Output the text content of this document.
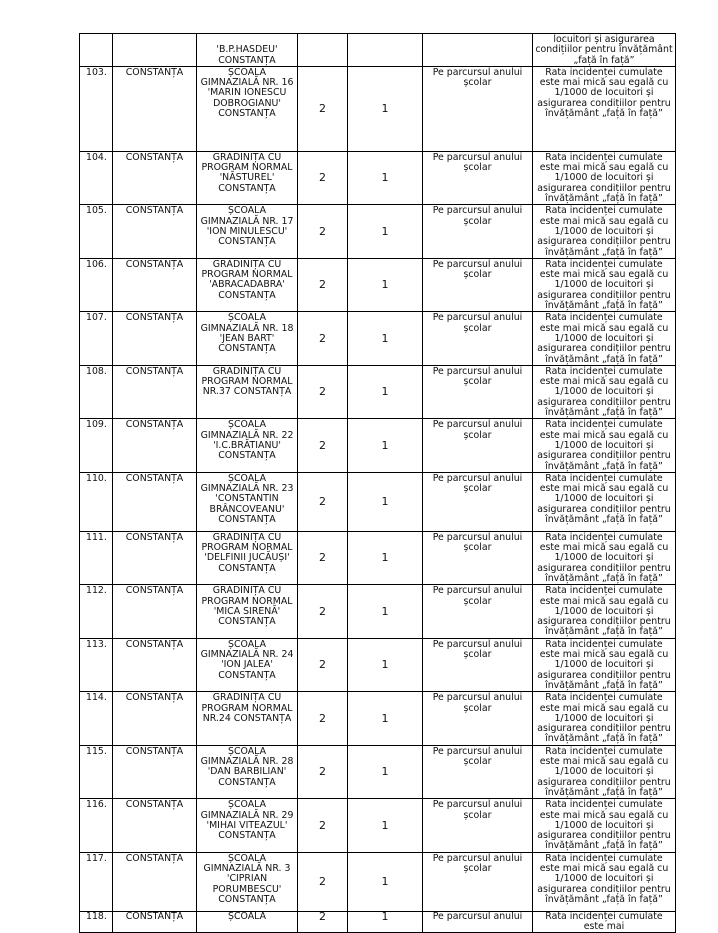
		'B.P.HASDEU' CONSTANȚA				locuitori și asigurarea condițiilor pentru învățământ „față în față”
103.	CONSTANȚA	ȘCOALA GIMNAZIALĂ NR. 16 'MARIN IONESCU DOBROGIANU' CONSTANȚA	2	1	Pe parcursul anului școlar	Rata incidenței cumulate este mai mică sau egală cu 1/1000 de locuitori și asigurarea condițiilor pentru învățământ „față în față”
104.	CONSTANȚA	GRĂDINIȚA CU PROGRAM NORMAL 'NĂSTUREL' CONSTANȚA	2	1	Pe parcursul anului școlar	Rata incidenței cumulate este mai mică sau egală cu 1/1000 de locuitori și asigurarea condițiilor pentru învățământ „față în față”
105.	CONSTANȚA	ȘCOALA GIMNAZIALĂ NR. 17 'ION MINULESCU' CONSTANȚA	2	1	Pe parcursul anului școlar	Rata incidenței cumulate este mai mică sau egală cu 1/1000 de locuitori și asigurarea condițiilor pentru învățământ „față în față”
106.	CONSTANȚA	GRĂDINIȚA CU PROGRAM NORMAL 'ABRACADABRA' CONSTANȚA	2	1	Pe parcursul anului școlar	Rata incidenței cumulate este mai mică sau egală cu 1/1000 de locuitori și asigurarea condițiilor pentru învățământ „față în față”
107.	CONSTANȚA	ȘCOALA GIMNAZIALĂ NR. 18 'JEAN BART' CONSTANȚA	2	1	Pe parcursul anului școlar	Rata incidenței cumulate este mai mică sau egală cu 1/1000 de locuitori și asigurarea condițiilor pentru învățământ „față în față”
108.	CONSTANȚA	GRĂDINIȚA CU PROGRAM NORMAL NR.37 CONSTANȚA	2	1	Pe parcursul anului școlar	Rata incidenței cumulate este mai mică sau egală cu 1/1000 de locuitori și asigurarea condițiilor pentru învățământ „față în față”
109.	CONSTANȚA	ȘCOALA GIMNAZIALĂ NR. 22 'I.C.BRĂTIANU' CONSTANȚA	2	1	Pe parcursul anului școlar	Rata incidenței cumulate este mai mică sau egală cu 1/1000 de locuitori și asigurarea condițiilor pentru învățământ „față în față”
110.	CONSTANȚA	ȘCOALA GIMNAZIALĂ NR. 23 'CONSTANTIN BRÂNCOVEANU' CONSTANȚA	2	1	Pe parcursul anului școlar	Rata incidenței cumulate este mai mică sau egală cu 1/1000 de locuitori și asigurarea condițiilor pentru învățământ „față în față”
111.	CONSTANȚA	GRĂDINIȚA CU PROGRAM NORMAL 'DELFINII JUCĂUȘI' CONSTANȚA	2	1	Pe parcursul anului școlar	Rata incidenței cumulate este mai mică sau egală cu 1/1000 de locuitori și asigurarea condițiilor pentru învățământ „față în față”
112.	CONSTANȚA	GRĂDINIȚA CU PROGRAM NORMAL 'MICA SIRENĂ' CONSTANȚA	2	1	Pe parcursul anului școlar	Rata incidenței cumulate este mai mică sau egală cu 1/1000 de locuitori și asigurarea condițiilor pentru învățământ „față în față”
113.	CONSTANȚA	ȘCOALA GIMNAZIALĂ NR. 24 'ION JALEA' CONSTANȚA	2	1	Pe parcursul anului școlar	Rata incidenței cumulate este mai mică sau egală cu 1/1000 de locuitori și asigurarea condițiilor pentru învățământ „față în față”
114.	CONSTANȚA	GRĂDINIȚA CU PROGRAM NORMAL NR.24 CONSTANȚA	2	1	Pe parcursul anului școlar	Rata incidenței cumulate este mai mică sau egală cu 1/1000 de locuitori și asigurarea condițiilor pentru învățământ „față în față”
115.	CONSTANȚA	ȘCOALA GIMNAZIALĂ NR. 28 'DAN BARBILIAN' CONSTANȚA	2	1	Pe parcursul anului școlar	Rata incidenței cumulate este mai mică sau egală cu 1/1000 de locuitori și asigurarea condițiilor pentru învățământ „față în față”
116.	CONSTANȚA	ȘCOALA GIMNAZIALĂ NR. 29 'MIHAI VITEAZUL' CONSTANȚA	2	1	Pe parcursul anului școlar	Rata incidenței cumulate este mai mică sau egală cu 1/1000 de locuitori și asigurarea condițiilor pentru învățământ „față în față”
117.	CONSTANȚA	ȘCOALA GIMNAZIALĂ NR. 3 'CIPRIAN PORUMBESCU' CONSTANȚA	2	1	Pe parcursul anului școlar	Rata incidenței cumulate este mai mică sau egală cu 1/1000 de locuitori și asigurarea condițiilor pentru învățământ „față în față”
118.	CONSTANȚA	ȘCOALA	2	1	Pe parcursul anului	Rata incidenței cumulate este mai
